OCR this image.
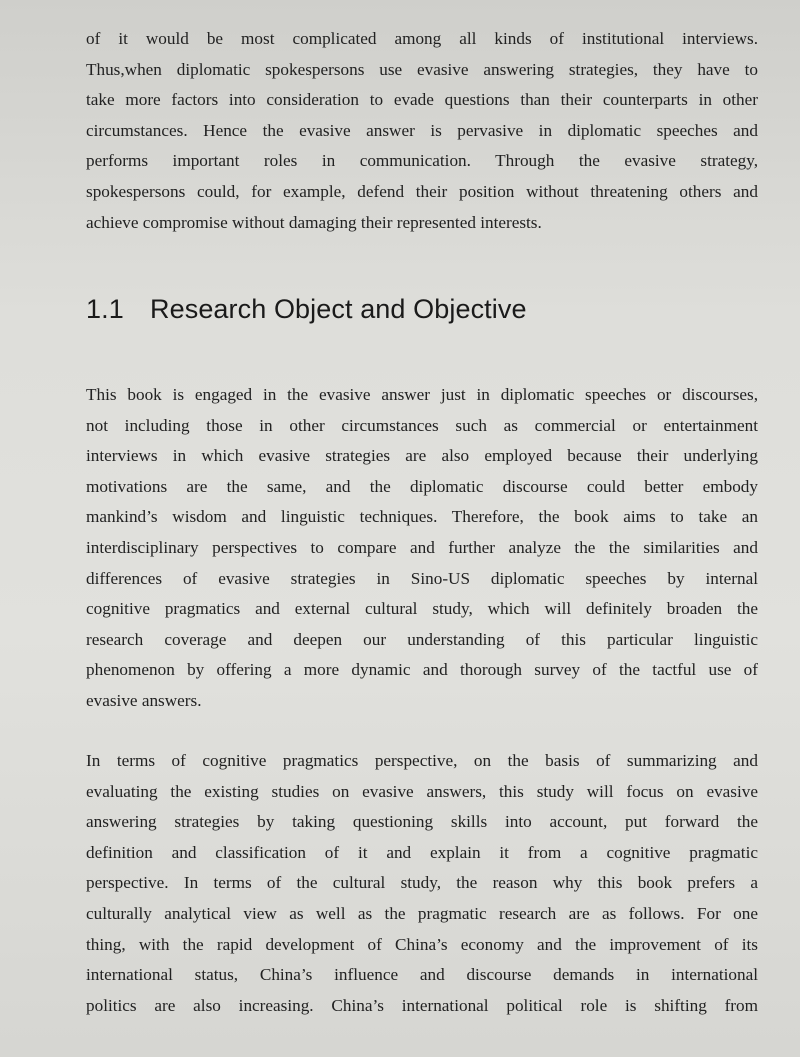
of it would be most complicated among all kinds of institutional interviews.
Thus,when diplomatic spokespersons use evasive answering strategies, they have to
take more factors into consideration to evade questions than their counterparts in other
circumstances. Hence the evasive answer is pervasive in diplomatic speeches and
performs important roles in communication. Through the evasive strategy,
spokespersons could, for example, defend their position without threatening others and
achieve compromise without damaging their represented interests.
1.1 Research Object and Objective
This book is engaged in the evasive answer just in diplomatic speeches or discourses,
not including those in other circumstances such as commercial or entertainment
interviews in which evasive strategies are also employed because their underlying
motivations are the same, and the diplomatic discourse could better embody
mankind’s wisdom and linguistic techniques. Therefore, the book aims to take an
interdisciplinary perspectives to compare and further analyze the the similarities and
differences of evasive strategies in Sino-US diplomatic speeches by internal
cognitive pragmatics and external cultural study, which will definitely broaden the
research coverage and deepen our understanding of this particular linguistic
phenomenon by offering a more dynamic and thorough survey of the tactful use of
evasive answers.
In terms of cognitive pragmatics perspective, on the basis of summarizing and
evaluating the existing studies on evasive answers, this study will focus on evasive
answering strategies by taking questioning skills into account, put forward the
definition and classification of it and explain it from a cognitive pragmatic
perspective. In terms of the cultural study, the reason why this book prefers a
culturally analytical view as well as the pragmatic research are as follows. For one
thing, with the rapid development of China’s economy and the improvement of its
international status, China’s influence and discourse demands in international
politics are also increasing. China’s international political role is shifting from
